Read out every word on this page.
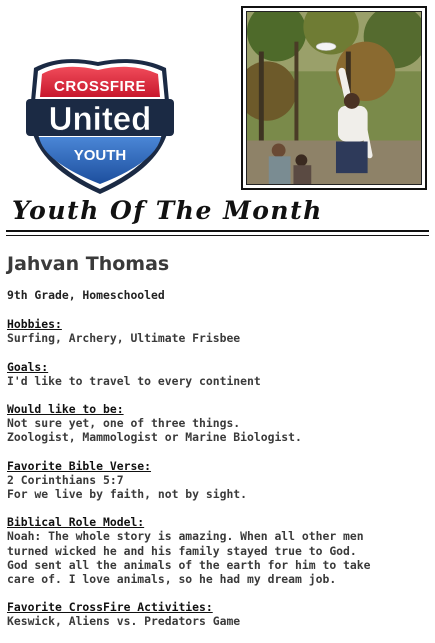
CROSSFIRE
United
YOUTH
Youth Of The Month
Jahvan Thomas

9th Grade, Homeschooled

Hobbies:

Surfing, Archery, Ultimate Frisbee

Goals:

I'd like to travel to every continent

Would like to be:

Not sure yet, one of three things.

Zoologist, Mammologist or Marine Biologist.

Favorite Bible Verse:

2 Corinthians 5:7

For we live by faith, not by sight.

Biblical Role Model:

Noah: The whole story is amazing. When all other men

turned wicked he and his family stayed true to God.

God sent all the animals of the earth for him to take

care of. I love animals, so he had my dream job.

Favorite CrossFire Activities:

Keswick, Aliens vs. Predators Game
